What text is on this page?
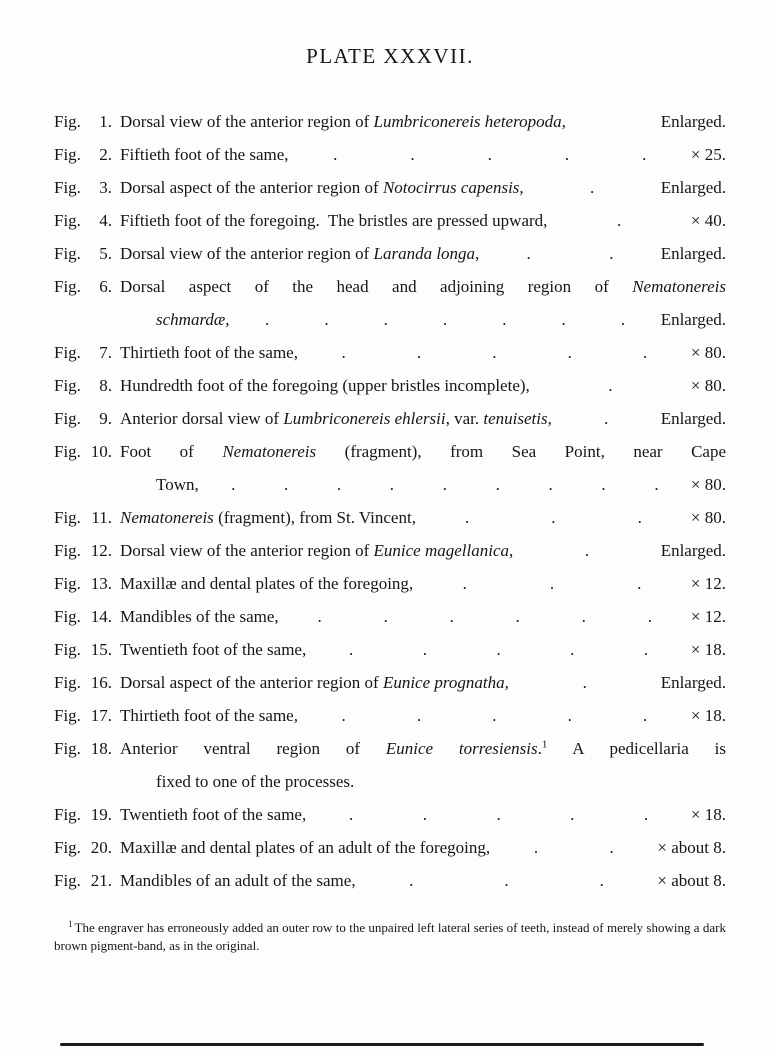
PLATE XXXVII.
Fig. 1. Dorsal view of the anterior region of Lumbriconereis heteropoda,	Enlarged.
Fig. 2. Fiftieth foot of the same,	.	.	.	.	.	× 25.
Fig. 3. Dorsal aspect of the anterior region of Notocirrus capensis,	.	Enlarged.
Fig. 4. Fiftieth foot of the foregoing.  The bristles are pressed upward,	.	× 40.
Fig. 5. Dorsal view of the anterior region of Laranda longa,	.	.	Enlarged.
Fig. 6. Dorsal aspect of the head and adjoining region of Nematonereis
schmardæ, .	.	.	.	.	.	. Enlarged.
Fig. 7. Thirtieth foot of the same,	.	.	.	.	.	× 80.
Fig. 8. Hundredth foot of the foregoing (upper bristles incomplete),	.	× 80.
Fig. 9. Anterior dorsal view of Lumbriconereis ehlersii, var. tenuisetis,	.	Enlarged.
Fig. 10. Foot of Nematonereis (fragment), from Sea Point, near Cape
Town, .	.	.	.	.	.	.	.	. × 80.
Fig. 11. Nematonereis (fragment), from St. Vincent,	.	.	.	× 80.
Fig. 12. Dorsal view of the anterior region of Eunice magellanica,	.	Enlarged.
Fig. 13. Maxillæ and dental plates of the foregoing,	.	.	.	× 12.
Fig. 14. Mandibles of the same, .	.	.	.	.	. × 12.
Fig. 15. Twentieth foot of the same,	.	.	.	.	.	× 18.
Fig. 16. Dorsal aspect of the anterior region of Eunice prognatha,	.	Enlarged.
Fig. 17. Thirtieth foot of the same,	.	.	.	.	.	× 18.
Fig. 18. Anterior ventral region of Eunice torresiensis.$^1$ A pedicellaria is
fixed to one of the processes.
Fig. 19. Twentieth foot of the same,	.	.	.	.	.	× 18.
Fig. 20. Maxillæ and dental plates of an adult of the foregoing,	.	.	× about 8.
Fig. 21. Mandibles of an adult of the same,	.	.	.	× about 8.

$^1$ The engraver has erroneously added an outer row to the unpaired left lateral series of teeth, instead of merely showing a dark brown pigment-band, as in the original.
